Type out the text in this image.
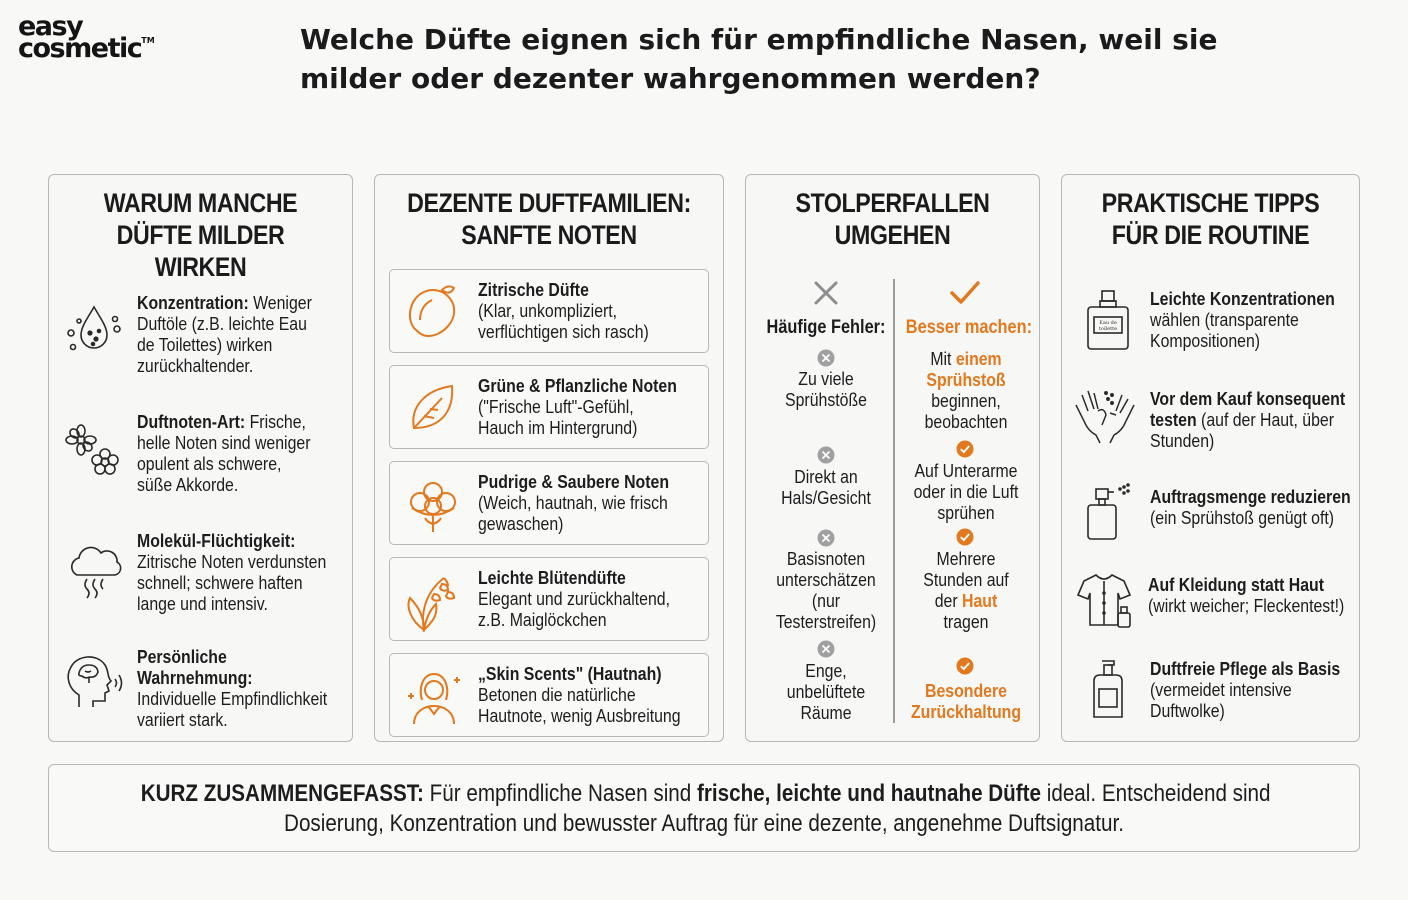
easy
cosmetic™	Welche Düfte eignen sich für empfindliche Nasen, weil sie
milder oder dezenter wahrgenommen werden?
WARUM MANCHE
DÜFTE MILDER WIRKEN
Konzentration: Weniger
Duftöle (z.B. leichte Eau
de Toilettes) wirken
zurückhaltender.
Duftnoten-Art: Frische,
helle Noten sind weniger
opulent als schwere,
süße Akkorde.
Molekül-Flüchtigkeit:
Zitrische Noten verdunsten
schnell; schwere haften
lange und intensiv.
Persönliche
Wahrnehmung:
Individuelle Empfindlichkeit
variiert stark.
DEZENTE DUFTFAMILIEN:
SANFTE NOTEN
Zitrische Düfte
(Klar, unkompliziert,
verflüchtigen sich rasch)
Grüne & Pflanzliche Noten
("Frische Luft"-Gefühl,
Hauch im Hintergrund)
Pudrige & Saubere Noten
(Weich, hautnah, wie frisch
gewaschen)
Leichte Blütendüfte
Elegant und zurückhaltend,
z.B. Maiglöckchen
„Skin Scents" (Hautnah)
Betonen die natürliche
Hautnote, wenig Ausbreitung
STOLPERFALLEN
UMGEHEN
Häufige Fehler: Besser machen:
Zu viele
Sprühstöße
Direkt an
Hals/Gesicht
Basisnoten
unterschätzen
(nur
Testerstreifen)
Enge,
unbelüftete
Räume
Mit einem
Sprühstoß
beginnen,
beobachten
Auf Unterarme
oder in die Luft
sprühen
Mehrere
Stunden auf
der Haut
tragen
Besondere
Zurückhaltung
PRAKTISCHE TIPPS
FÜR DIE ROUTINE
Eau de
toilette
Leichte Konzentrationen
wählen (transparente
Kompositionen)
Vor dem Kauf konsequent
testen (auf der Haut, über
Stunden)
Auftragsmenge reduzieren
(ein Sprühstoß genügt oft)
Auf Kleidung statt Haut
(wirkt weicher; Fleckentest!)
Duftfreie Pflege als Basis
(vermeidet intensive
Duftwolke)
KURZ ZUSAMMENGEFASST: Für empfindliche Nasen sind frische, leichte und hautnahe Düfte ideal. Entscheidend sind
Dosierung, Konzentration und bewusster Auftrag für eine dezente, angenehme Duftsignatur.
